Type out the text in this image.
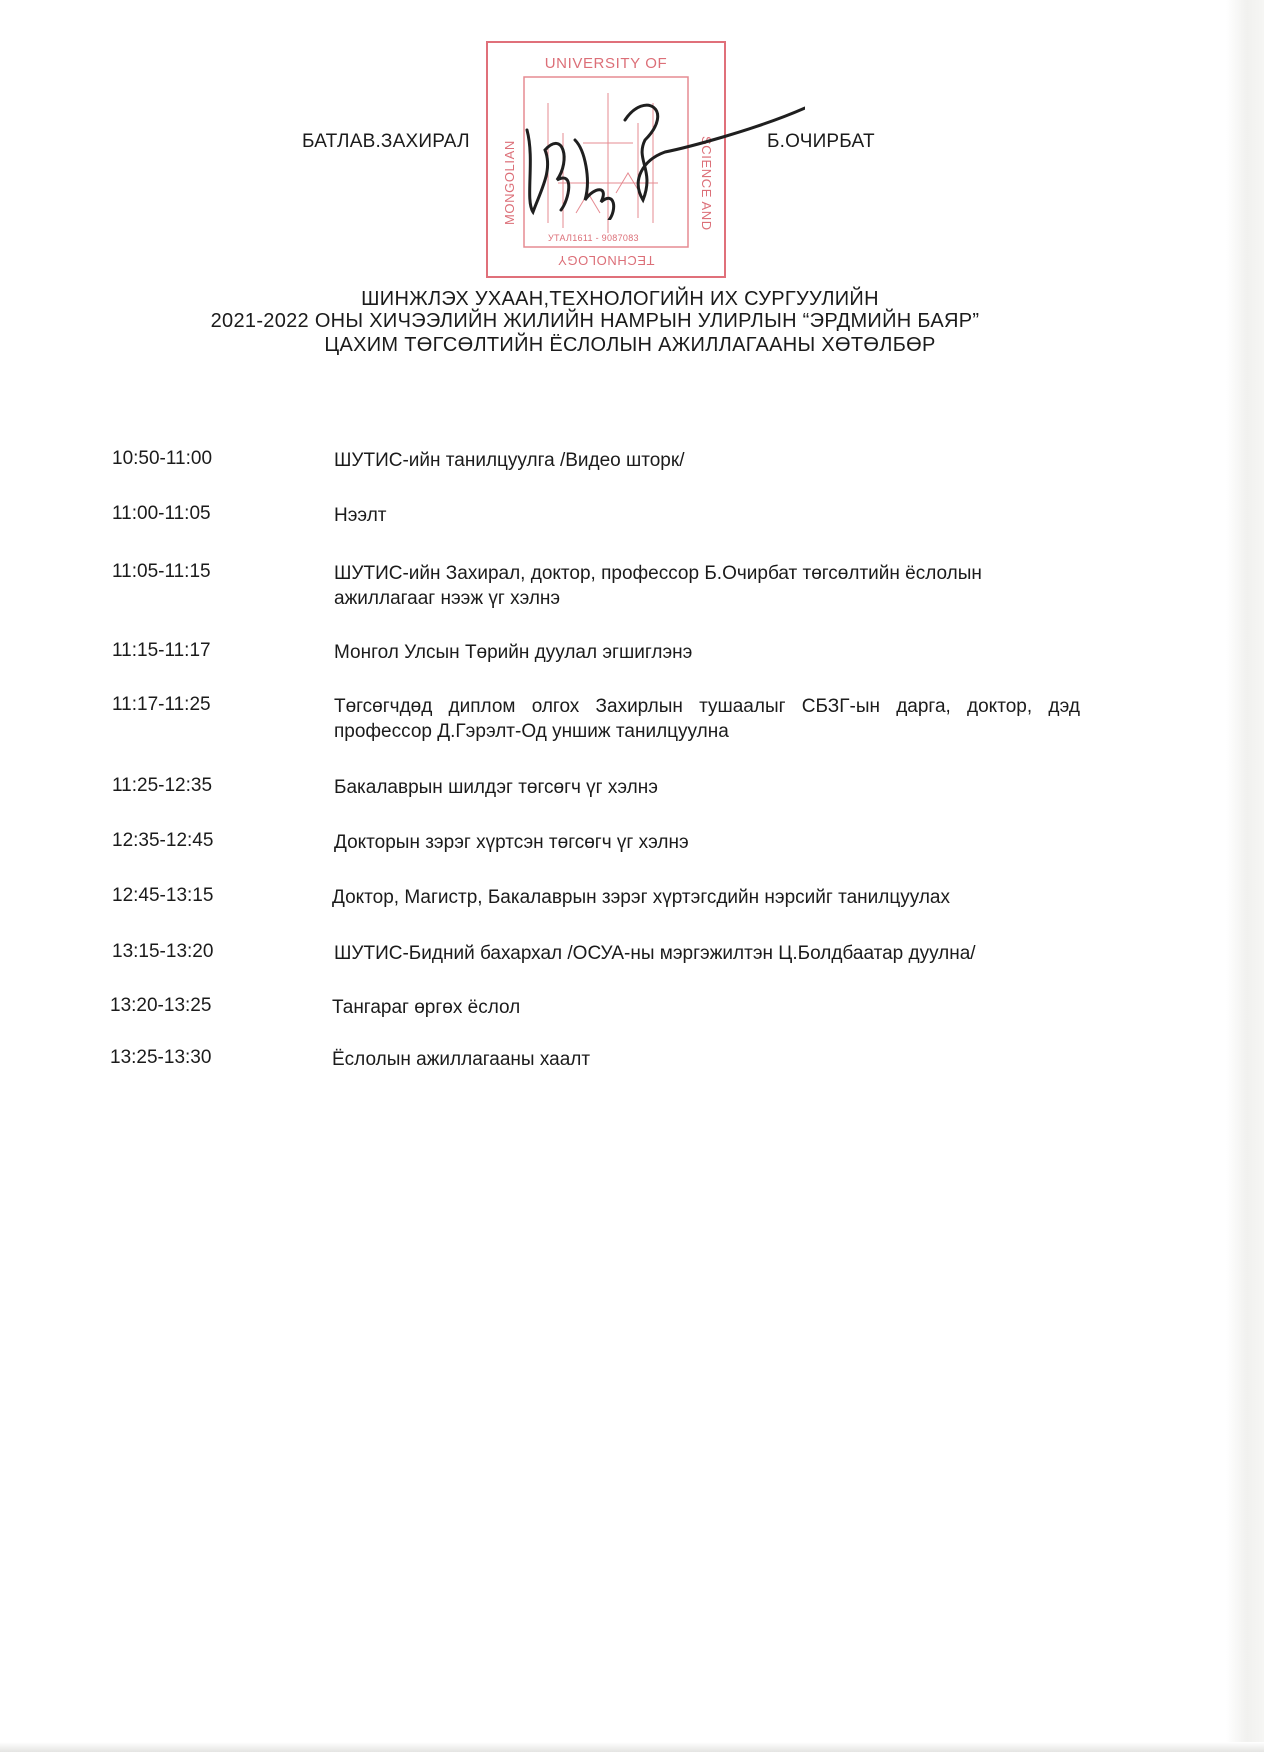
БАТЛАВ.ЗАХИРАЛ	Б.ОЧИРБАТ
UNIVERSITY OF
MONGOLIAN	SCIENCE AND
УТАЛ1611 - 9087083
TECHNOLOGY
ШИНЖЛЭХ УХААН,ТЕХНОЛОГИЙН ИХ СУРГУУЛИЙН
2021-2022 ОНЫ ХИЧЭЭЛИЙН ЖИЛИЙН НАМРЫН УЛИРЛЫН “ЭРДМИЙН БАЯР”
ЦАХИМ ТӨГСӨЛТИЙН ЁСЛОЛЫН АЖИЛЛАГААНЫ ХӨТӨЛБӨР
10:50-11:00	ШУТИС-ийн танилцуулга /Видео шторк/
11:00-11:05	Нээлт
11:05-11:15	ШУТИС-ийн Захирал, доктор, профессор Б.Очирбат төгсөлтийн ёслолын ажиллагааг нээж үг хэлнэ
11:15-11:17	Монгол Улсын Төрийн дуулал эгшиглэнэ
11:17-11:25	Төгсөгчдөд диплом олгох Захирлын тушаалыг СБЗГ-ын дарга, доктор, дэд профессор Д.Гэрэлт-Од уншиж танилцуулна
11:25-12:35	Бакалаврын шилдэг төгсөгч үг хэлнэ
12:35-12:45	Докторын зэрэг хүртсэн төгсөгч үг хэлнэ
12:45-13:15	Доктор, Магистр, Бакалаврын зэрэг хүртэгсдийн нэрсийг танилцуулах
13:15-13:20	ШУТИС-Бидний бахархал /ОСУА-ны мэргэжилтэн Ц.Болдбаатар дуулна/
13:20-13:25	Тангараг өргөх ёслол
13:25-13:30	Ёслолын ажиллагааны хаалт
